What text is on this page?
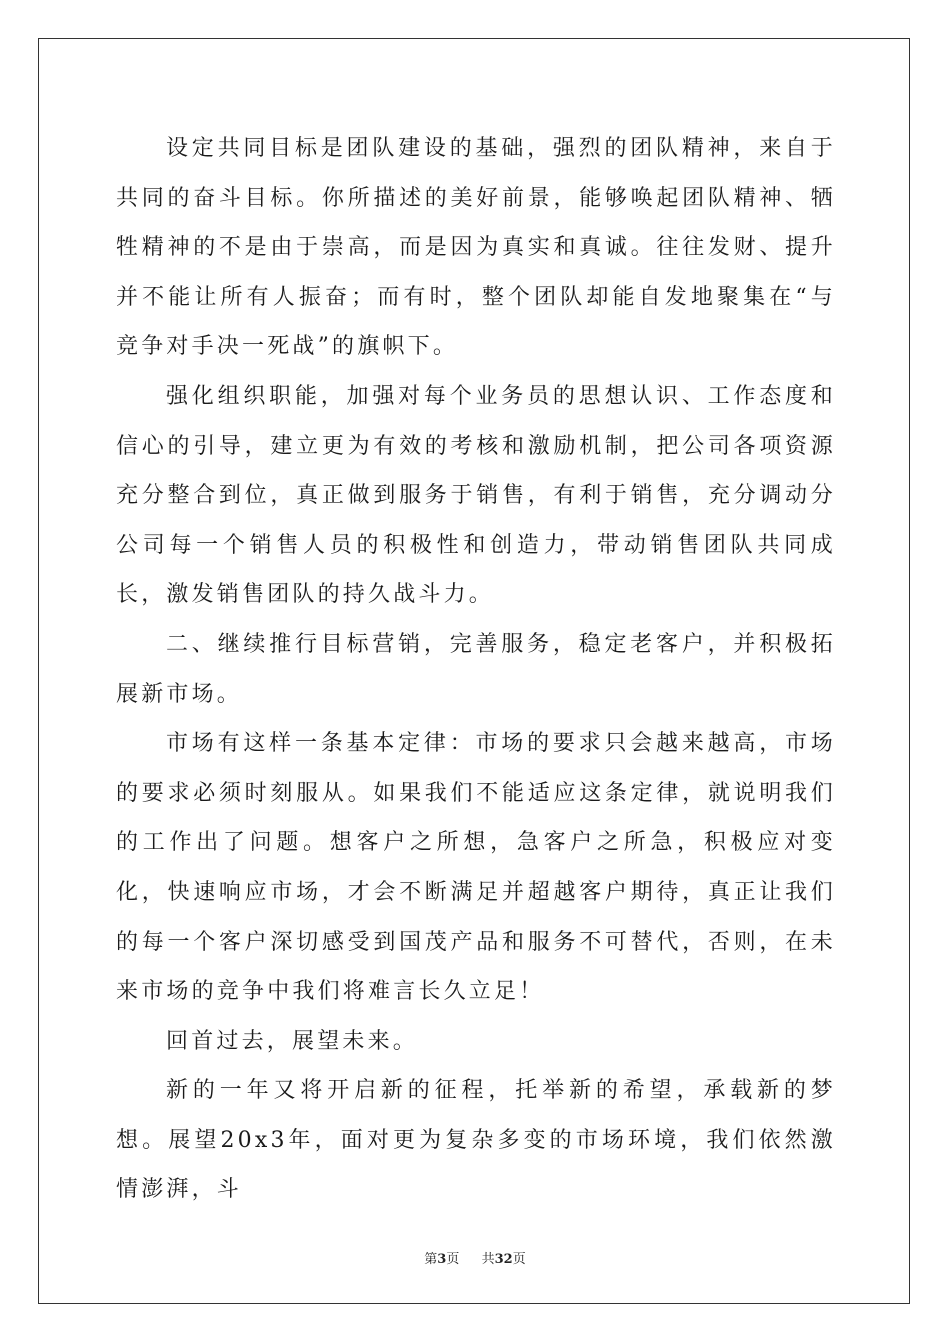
设定共同目标是团队建设的基础，强烈的团队精神，来自于共同的奋斗目标。你所描述的美好前景，能够唤起团队精神、牺牲精神的不是由于崇高，而是因为真实和真诚。往往发财、提升并不能让所有人振奋；而有时，整个团队却能自发地聚集在“与竞争对手决一死战”的旗帜下。

强化组织职能，加强对每个业务员的思想认识、工作态度和信心的引导，建立更为有效的考核和激励机制，把公司各项资源充分整合到位，真正做到服务于销售，有利于销售，充分调动分公司每一个销售人员的积极性和创造力，带动销售团队共同成长，激发销售团队的持久战斗力。

二、继续推行目标营销，完善服务，稳定老客户，并积极拓展新市场。

市场有这样一条基本定律：市场的要求只会越来越高，市场的要求必须时刻服从。如果我们不能适应这条定律，就说明我们的工作出了问题。想客户之所想，急客户之所急，积极应对变化，快速响应市场，才会不断满足并超越客户期待，真正让我们的每一个客户深切感受到国茂产品和服务不可替代，否则，在未来市场的竞争中我们将难言长久立足！

回首过去，展望未来。

新的一年又将开启新的征程，托举新的希望，承载新的梦想。展望20x3年，面对更为复杂多变的市场环境，我们依然激情澎湃，斗

第3页 共32页
